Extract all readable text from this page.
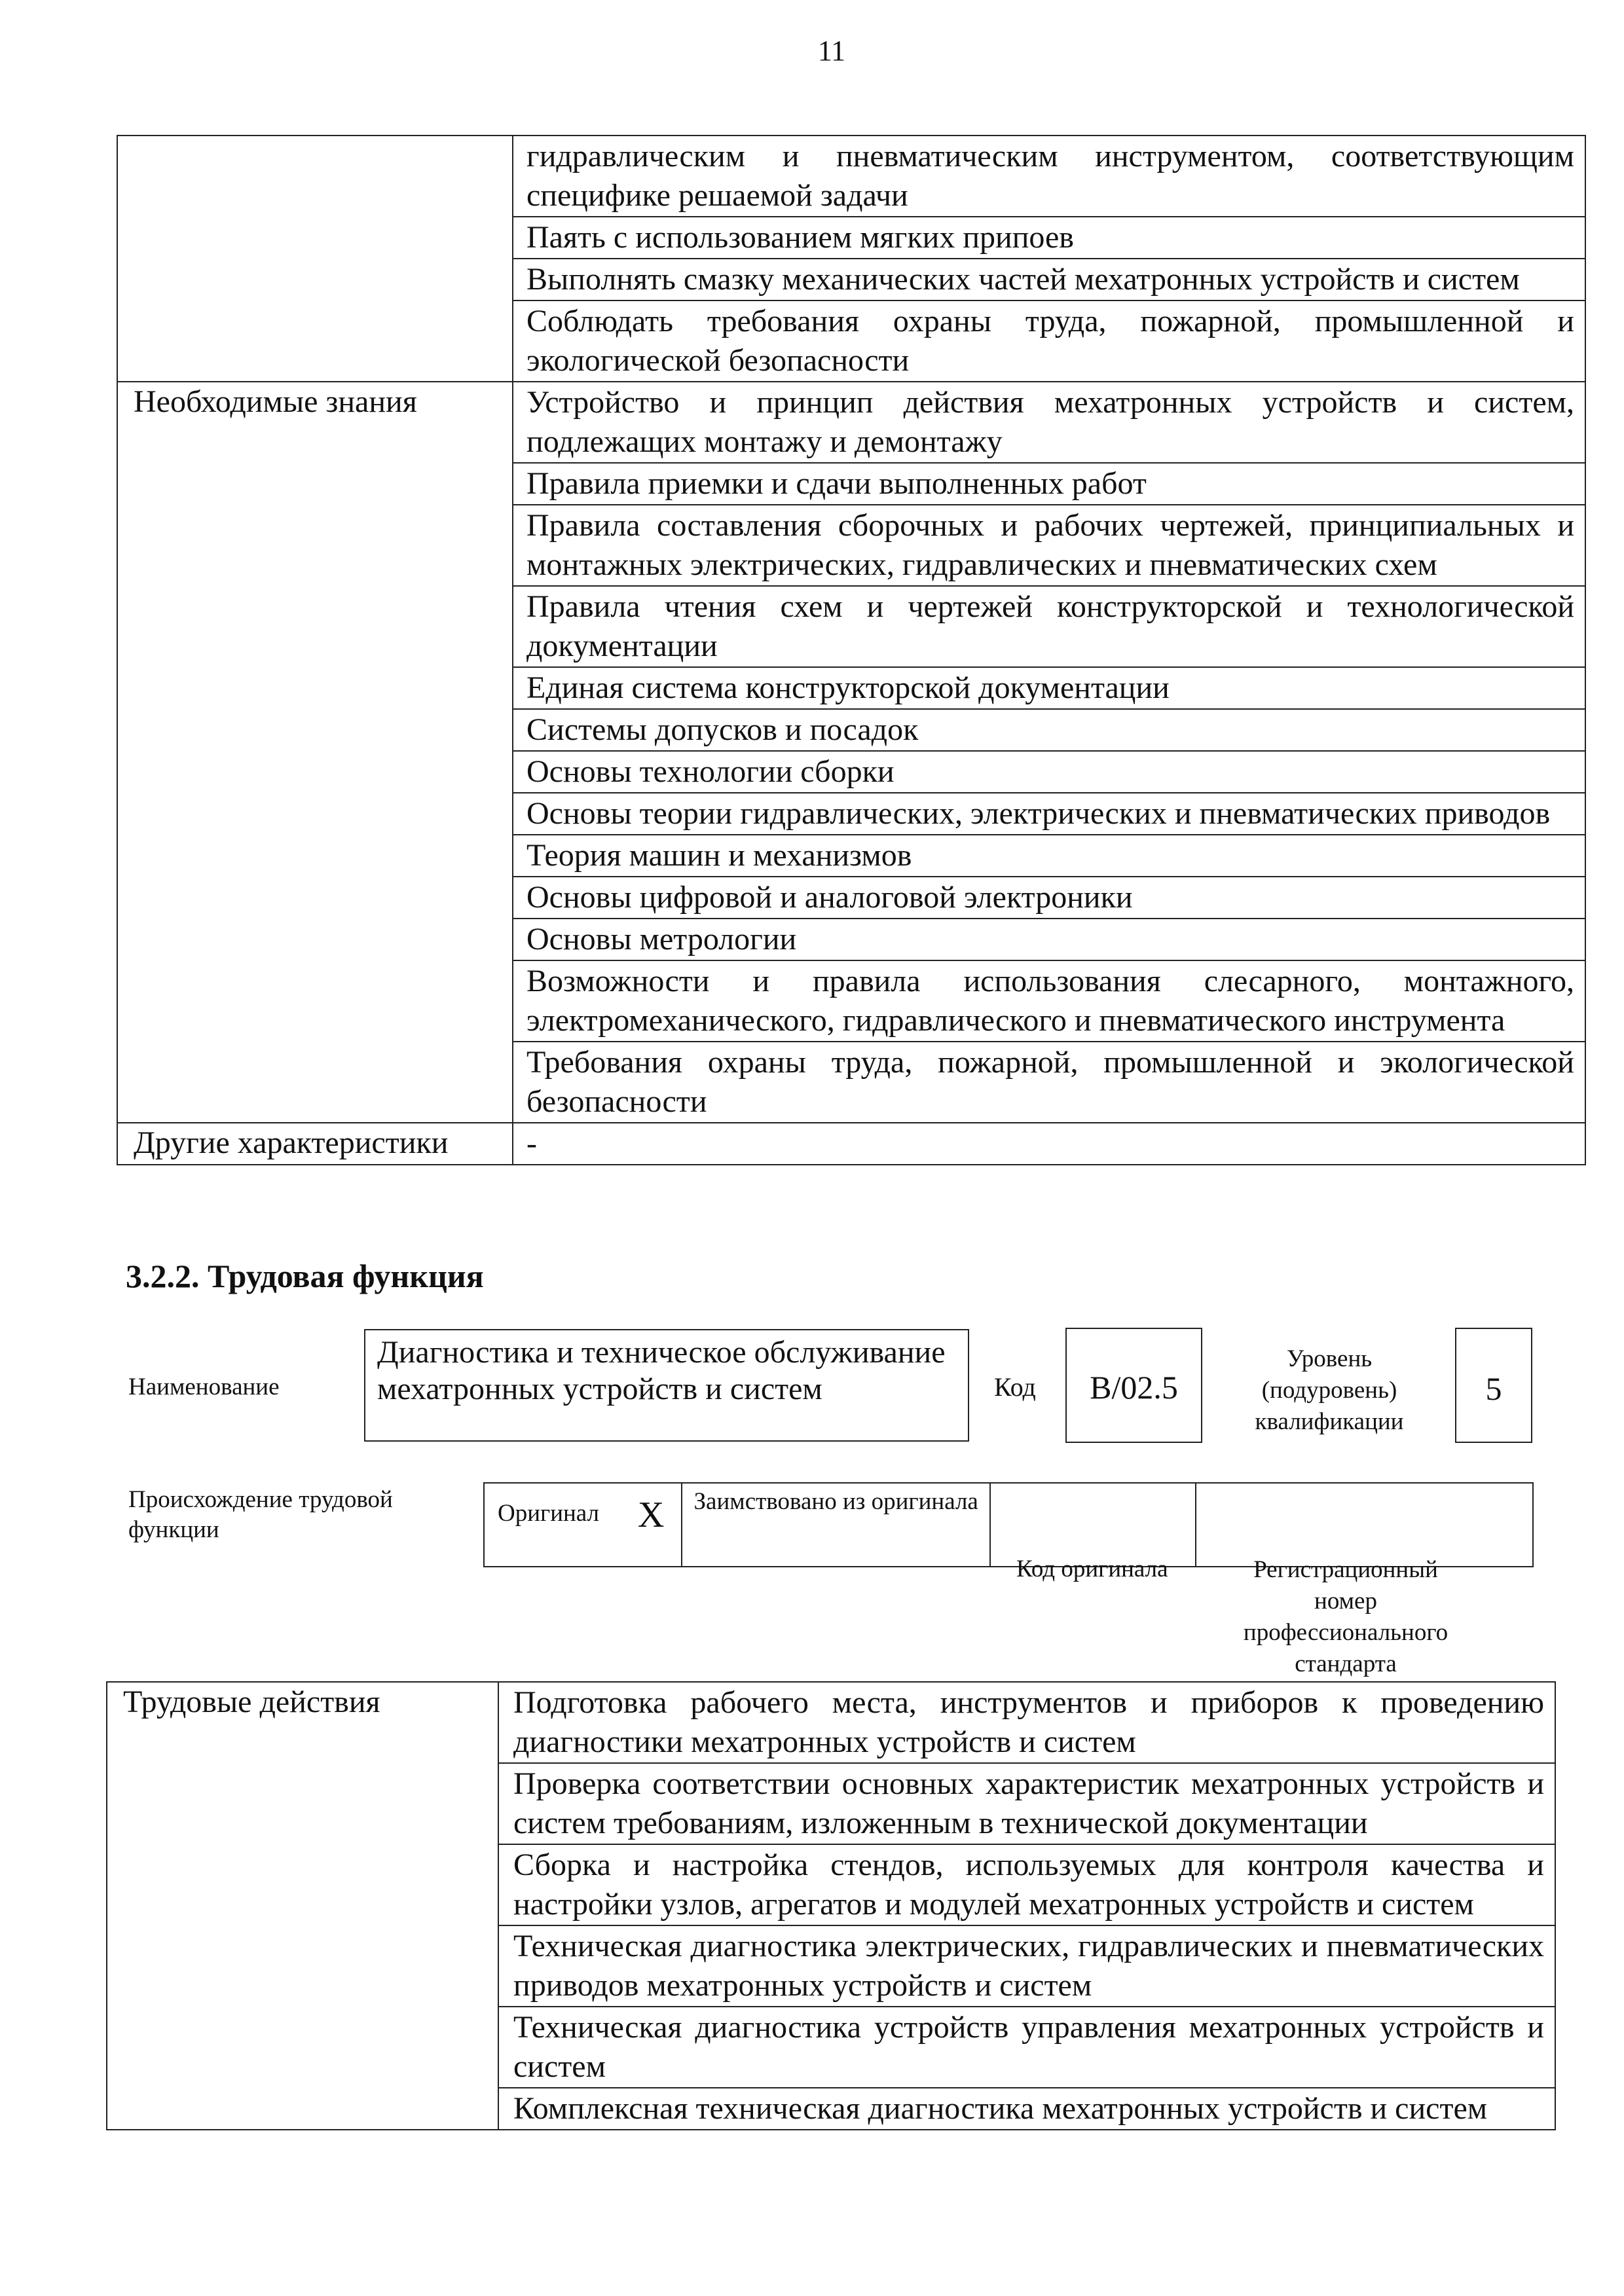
11
	гидравлическим и пневматическим инструментом, соответствующим специфике решаемой задачи
	Паять с использованием мягких припоев
	Выполнять смазку механических частей мехатронных устройств и систем
	Соблюдать требования охраны труда, пожарной, промышленной и экологической безопасности
Необходимые знания	Устройство и принцип действия мехатронных устройств и систем, подлежащих монтажу и демонтажу
	Правила приемки и сдачи выполненных работ
	Правила составления сборочных и рабочих чертежей, принципиальных и монтажных электрических, гидравлических и пневматических схем
	Правила чтения схем и чертежей конструкторской и технологической документации
	Единая система конструкторской документации
	Системы допусков и посадок
	Основы технологии сборки
	Основы теории гидравлических, электрических и пневматических приводов
	Теория машин и механизмов
	Основы цифровой и аналоговой электроники
	Основы метрологии
	Возможности и правила использования слесарного, монтажного, электромеханического, гидравлического и пневматического инструмента
	Требования охраны труда, пожарной, промышленной и экологической безопасности
Другие характеристики	-
3.2.2. Трудовая функция
Наименование
Диагностика и техническое обслуживание мехатронных устройств и систем	Код	B/02.5
Уровень (подуровень) квалификации
5
Происхождение трудовой функции
Оригинал	X	Заимствовано из оригинала		
Код оригинала	Регистрационный номер профессионального стандарта
Трудовые действия	Подготовка рабочего места, инструментов и приборов к проведению диагностики мехатронных устройств и систем
Проверка соответствии основных характеристик мехатронных устройств и систем требованиям, изложенным в технической документации
Сборка и настройка стендов, используемых для контроля качества и настройки узлов, агрегатов и модулей мехатронных устройств и систем
Техническая диагностика электрических, гидравлических и пневматических приводов мехатронных устройств и систем
Техническая диагностика устройств управления мехатронных устройств и систем
Комплексная техническая диагностика мехатронных устройств и систем
